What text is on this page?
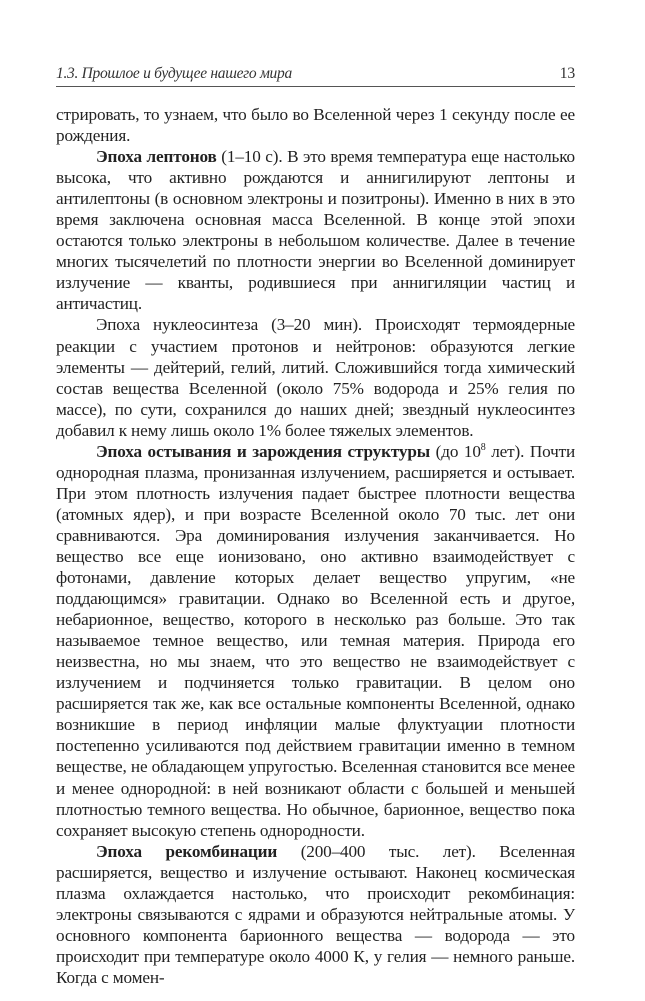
1.3. Прошлое и будущее нашего мира	13

стрировать, то узнаем, что было во Вселенной через 1 секунду после ее рождения.

Эпоха лептонов (1–10 с). В это время температура еще настолько высока, что активно рождаются и аннигилируют лептоны и антилептоны (в основном электроны и позитроны). Именно в них в это время заключена основная масса Вселенной. В конце этой эпохи остаются только электроны в небольшом количестве. Далее в течение многих тысячелетий по плотности энергии во Вселенной доминирует излучение — кванты, родившиеся при аннигиляции частиц и античастиц.

Эпоха нуклеосинтеза (3–20 мин). Происходят термоядерные реакции с участием протонов и нейтронов: образуются легкие элементы — дейтерий, гелий, литий. Сложившийся тогда химический состав вещества Вселенной (около 75% водорода и 25% гелия по массе), по сути, сохранился до наших дней; звездный нуклеосинтез добавил к нему лишь около 1% более тяжелых элементов.

Эпоха остывания и зарождения структуры (до $10^8$ лет). Почти однородная плазма, пронизанная излучением, расширяется и остывает. При этом плотность излучения падает быстрее плотности вещества (атомных ядер), и при возрасте Вселенной около 70 тыс. лет они сравниваются. Эра доминирования излучения заканчивается. Но вещество все еще ионизовано, оно активно взаимодействует с фотонами, давление которых делает вещество упругим, «не поддающимся» гравитации. Однако во Вселенной есть и другое, небарионное, вещество, которого в несколько раз больше. Это так называемое темное вещество, или темная материя. Природа его неизвестна, но мы знаем, что это вещество не взаимодействует с излучением и подчиняется только гравитации. В целом оно расширяется так же, как все остальные компоненты Вселенной, однако возникшие в период инфляции малые флуктуации плотности постепенно усиливаются под действием гравитации именно в темном веществе, не обладающем упругостью. Вселенная становится все менее и менее однородной: в ней возникают области с большей и меньшей плотностью темного вещества. Но обычное, барионное, вещество пока сохраняет высокую степень однородности.

Эпоха рекомбинации (200–400 тыс. лет). Вселенная расширяется, вещество и излучение остывают. Наконец космическая плазма охлаждается настолько, что происходит рекомбинация: электроны связываются с ядрами и образуются нейтральные атомы. У основного компонента барионного вещества — водорода — это происходит при температуре около 4000 К, у гелия — немного раньше. Когда с момен-
